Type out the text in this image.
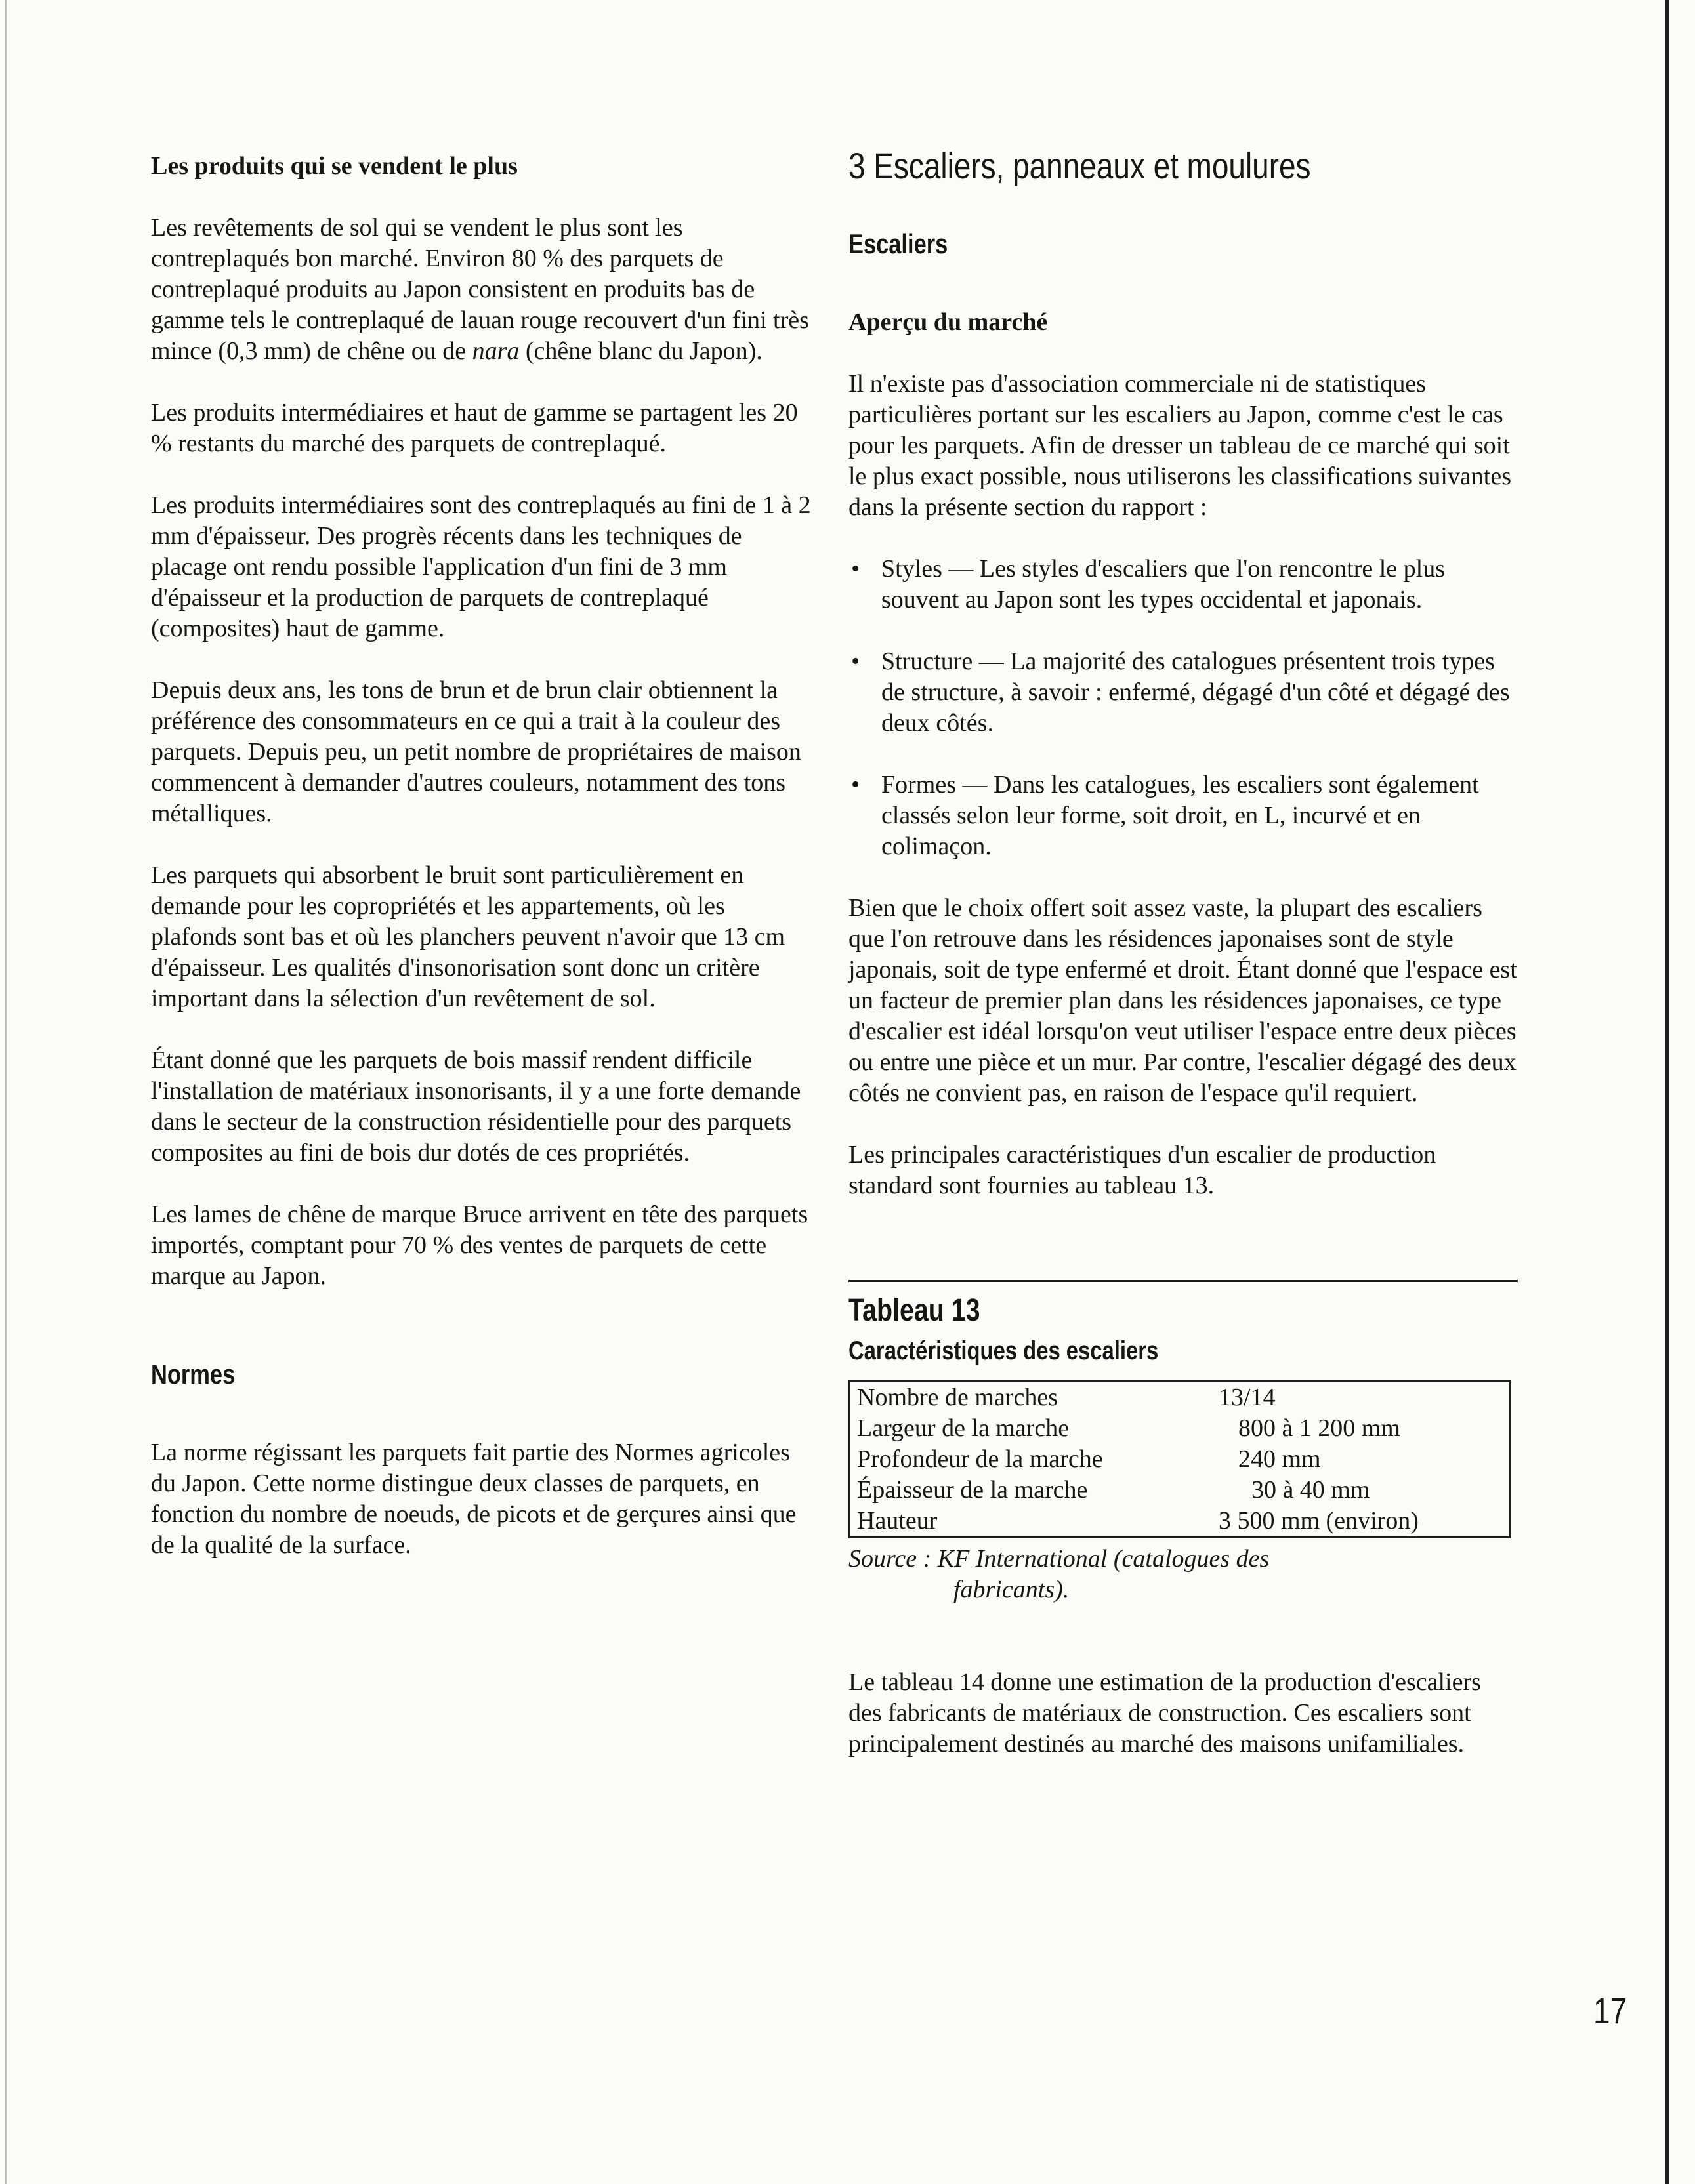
Les produits qui se vendent le plus

Les revêtements de sol qui se vendent le plus sont les contreplaqués bon marché. Environ 80 % des parquets de contreplaqué produits au Japon consistent en produits bas de gamme tels le contreplaqué de lauan rouge recouvert d'un fini très mince (0,3 mm) de chêne ou de nara (chêne blanc du Japon).

Les produits intermédiaires et haut de gamme se partagent les 20 % restants du marché des parquets de contreplaqué.

Les produits intermédiaires sont des contreplaqués au fini de 1 à 2 mm d'épaisseur. Des progrès récents dans les techniques de placage ont rendu possible l'application d'un fini de 3 mm d'épaisseur et la production de parquets de contreplaqué (composites) haut de gamme.

Depuis deux ans, les tons de brun et de brun clair obtiennent la préférence des consommateurs en ce qui a trait à la couleur des parquets. Depuis peu, un petit nombre de propriétaires de maison commencent à demander d'autres couleurs, notamment des tons métalliques.

Les parquets qui absorbent le bruit sont particulièrement en demande pour les copropriétés et les appartements, où les plafonds sont bas et où les planchers peuvent n'avoir que 13 cm d'épaisseur. Les qualités d'insonorisation sont donc un critère important dans la sélection d'un revêtement de sol.

Étant donné que les parquets de bois massif rendent difficile l'installation de matériaux insonorisants, il y a une forte demande dans le secteur de la construction résidentielle pour des parquets composites au fini de bois dur dotés de ces propriétés.

Les lames de chêne de marque Bruce arrivent en tête des parquets importés, comptant pour 70 % des ventes de parquets de cette marque au Japon.

Normes

La norme régissant les parquets fait partie des Normes agricoles du Japon. Cette norme distingue deux classes de parquets, en fonction du nombre de noeuds, de picots et de gerçures ainsi que de la qualité de la surface.

3 Escaliers, panneaux et moulures
Escaliers
Aperçu du marché

Il n'existe pas d'association commerciale ni de statistiques particulières portant sur les escaliers au Japon, comme c'est le cas pour les parquets. Afin de dresser un tableau de ce marché qui soit le plus exact possible, nous utiliserons les classifications suivantes dans la présente section du rapport :

• Styles — Les styles d'escaliers que l'on rencontre le plus souvent au Japon sont les types occidental et japonais.
• Structure — La majorité des catalogues présentent trois types de structure, à savoir : enfermé, dégagé d'un côté et dégagé des deux côtés.
• Formes — Dans les catalogues, les escaliers sont également classés selon leur forme, soit droit, en L, incurvé et en colimaçon.

Bien que le choix offert soit assez vaste, la plupart des escaliers que l'on retrouve dans les résidences japonaises sont de style japonais, soit de type enfermé et droit. Étant donné que l'espace est un facteur de premier plan dans les résidences japonaises, ce type d'escalier est idéal lorsqu'on veut utiliser l'espace entre deux pièces ou entre une pièce et un mur. Par contre, l'escalier dégagé des deux côtés ne convient pas, en raison de l'espace qu'il requiert.

Les principales caractéristiques d'un escalier de production standard sont fournies au tableau 13.

Tableau 13
Caractéristiques des escaliers
Nombre de marches	13/14
Largeur de la marche	800 à 1 200 mm
Profondeur de la marche	240 mm
Épaisseur de la marche	30 à 40 mm
Hauteur	3 500 mm (environ)
Source : KF International (catalogues des
fabricants).

Le tableau 14 donne une estimation de la production d'escaliers des fabricants de matériaux de construction. Ces escaliers sont principalement destinés au marché des maisons unifamiliales.

17
